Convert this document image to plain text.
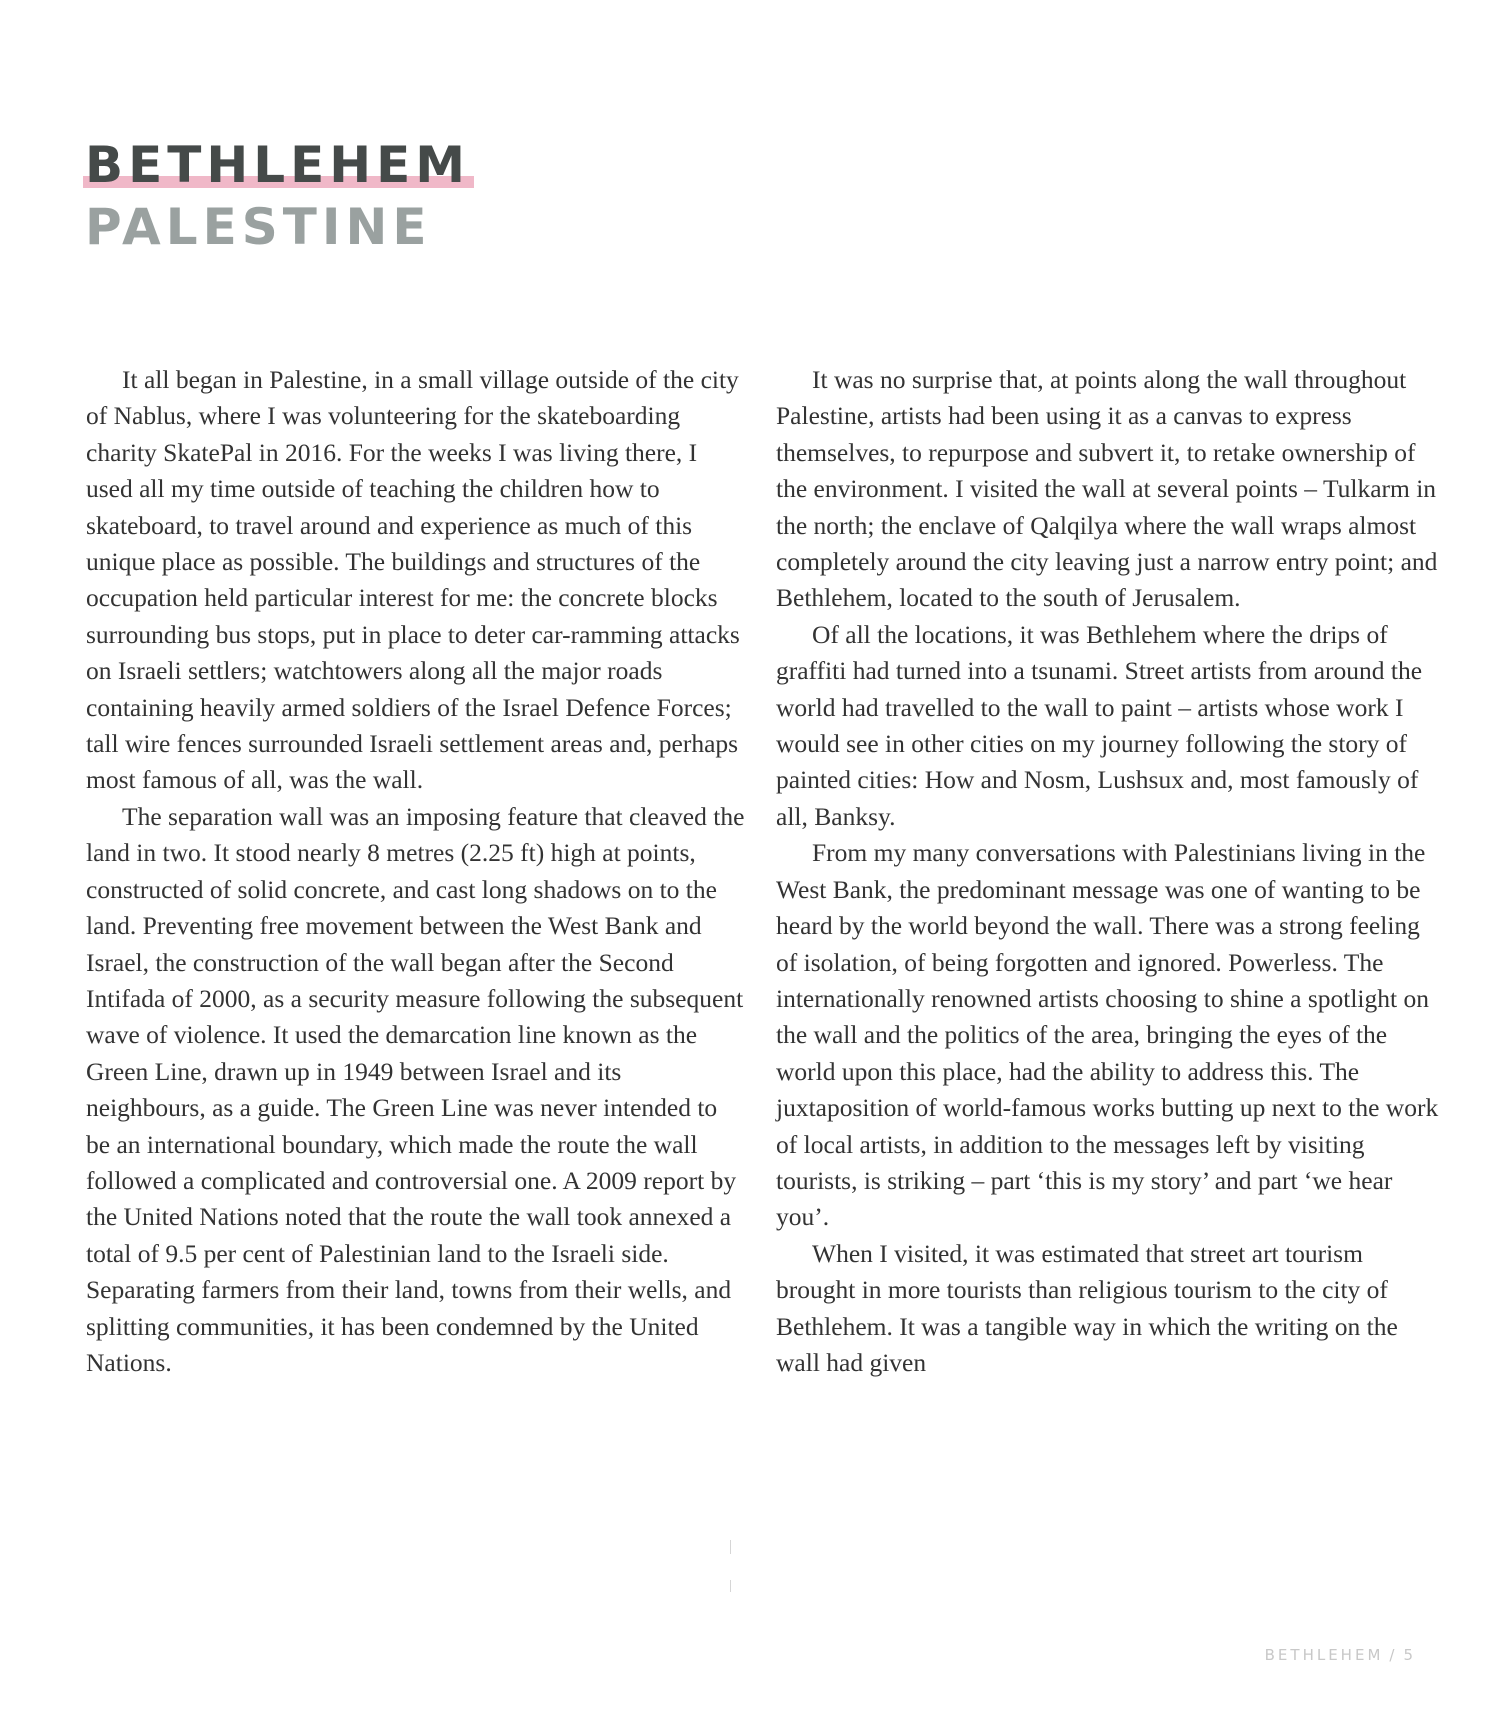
BETHLEHEM
PALESTINE

It all began in Palestine, in a small village outside of the city of Nablus, where I was volunteering for the skateboarding charity SkatePal in 2016. For the weeks I was living there, I used all my time outside of teaching the children how to skateboard, to travel around and experience as much of this unique place as possible. The buildings and structures of the occupation held particular interest for me: the concrete blocks surrounding bus stops, put in place to deter car-ramming attacks on Israeli settlers; watchtowers along all the major roads containing heavily armed soldiers of the Israel Defence Forces; tall wire fences surrounded Israeli settlement areas and, perhaps most famous of all, was the wall.

The separation wall was an imposing feature that cleaved the land in two. It stood nearly 8 metres (2.25 ft) high at points, constructed of solid concrete, and cast long shadows on to the land. Preventing free movement between the West Bank and Israel, the construction of the wall began after the Second Intifada of 2000, as a security measure following the subsequent wave of violence. It used the demarcation line known as the Green Line, drawn up in 1949 between Israel and its neighbours, as a guide. The Green Line was never intended to be an international boundary, which made the route the wall followed a complicated and controversial one. A 2009 report by the United Nations noted that the route the wall took annexed a total of 9.5 per cent of Palestinian land to the Israeli side. Separating farmers from their land, towns from their wells, and splitting communities, it has been condemned by the United Nations.

It was no surprise that, at points along the wall throughout Palestine, artists had been using it as a canvas to express themselves, to repurpose and subvert it, to retake ownership of the environment. I visited the wall at several points – Tulkarm in the north; the enclave of Qalqilya where the wall wraps almost completely around the city leaving just a narrow entry point; and Bethlehem, located to the south of Jerusalem.

Of all the locations, it was Bethlehem where the drips of graffiti had turned into a tsunami. Street artists from around the world had travelled to the wall to paint – artists whose work I would see in other cities on my journey following the story of painted cities: How and Nosm, Lushsux and, most famously of all, Banksy.

From my many conversations with Palestinians living in the West Bank, the predominant message was one of wanting to be heard by the world beyond the wall. There was a strong feeling of isolation, of being forgotten and ignored. Powerless. The internationally renowned artists choosing to shine a spotlight on the wall and the politics of the area, bringing the eyes of the world upon this place, had the ability to address this. The juxtaposition of world-famous works butting up next to the work of local artists, in addition to the messages left by visiting tourists, is striking – part ‘this is my story’ and part ‘we hear you’.

When I visited, it was estimated that street art tourism brought in more tourists than religious tourism to the city of Bethlehem. It was a tangible way in which the writing on the wall had given

BETHLEHEM / 5
